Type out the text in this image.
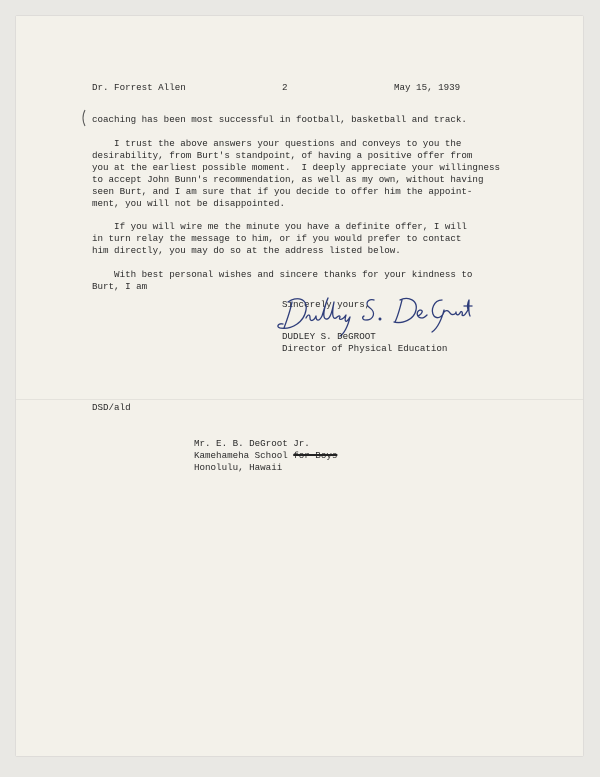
Dr. Forrest Allen	2	May 15, 1939

coaching has been most successful in football, basketball and track.

I trust the above answers your questions and conveys to you the

desirability, from Burt's standpoint, of having a positive offer from

you at the earliest possible moment.  I deeply appreciate your willingness

to accept John Bunn's recommendation, as well as my own, without having

seen Burt, and I am sure that if you decide to offer him the appoint-

ment, you will not be disappointed.

If you will wire me the minute you have a definite offer, I will

in turn relay the message to him, or if you would prefer to contact

him directly, you may do so at the address listed below.

With best personal wishes and sincere thanks for your kindness to

Burt, I am

Sincerely yours,

DUDLEY S. DeGROOT

Director of Physical Education

DSD/ald

Mr. E. B. DeGroot Jr.

Kamehameha School for Boys

Honolulu, Hawaii
